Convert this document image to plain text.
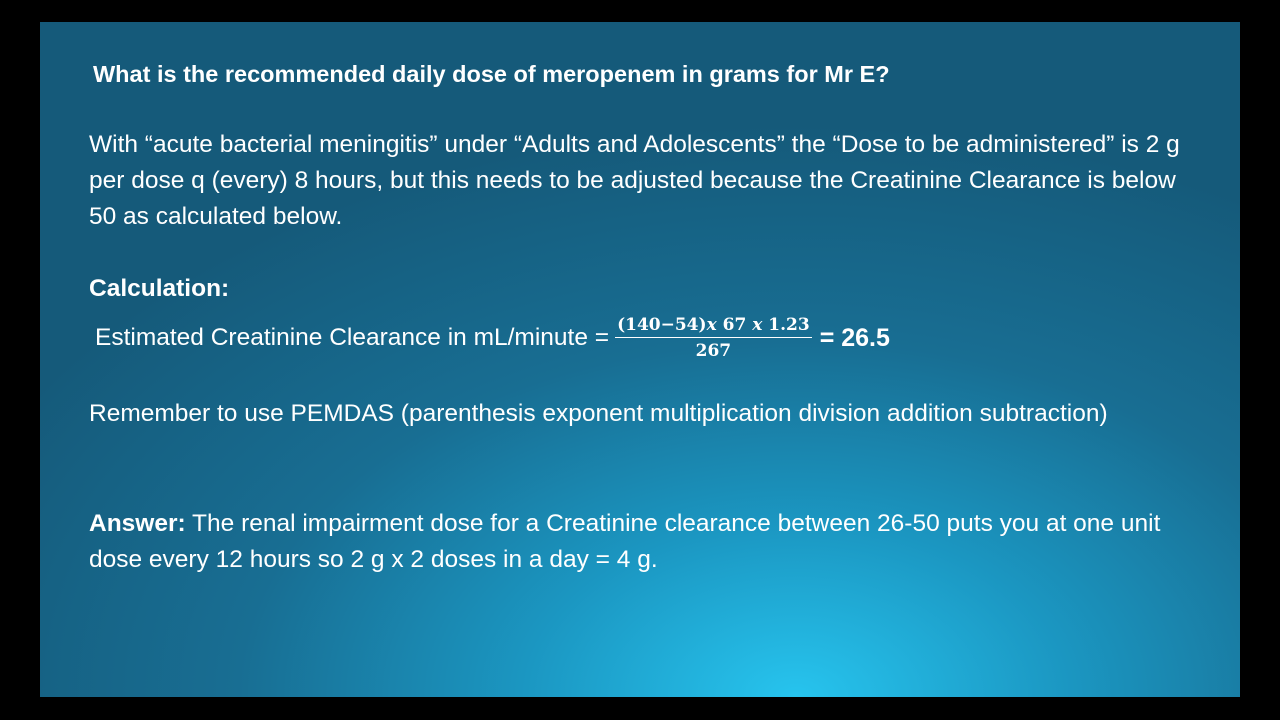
What is the recommended daily dose of meropenem in grams for Mr E?

With “acute bacterial meningitis” under “Adults and Adolescents” the “Dose to be administered” is 2 g per dose q (every) 8 hours, but this needs to be adjusted because the Creatinine Clearance is below 50 as calculated below.

Calculation:

Estimated Creatinine Clearance in mL/minute = $\frac{(140-54)x 67 x 1.23}{267} = 26.5$

Remember to use PEMDAS (parenthesis exponent multiplication division addition subtraction)

Answer: The renal impairment dose for a Creatinine clearance between 26-50 puts you at one unit dose every 12 hours so 2 g x 2 doses in a day = 4 g.
